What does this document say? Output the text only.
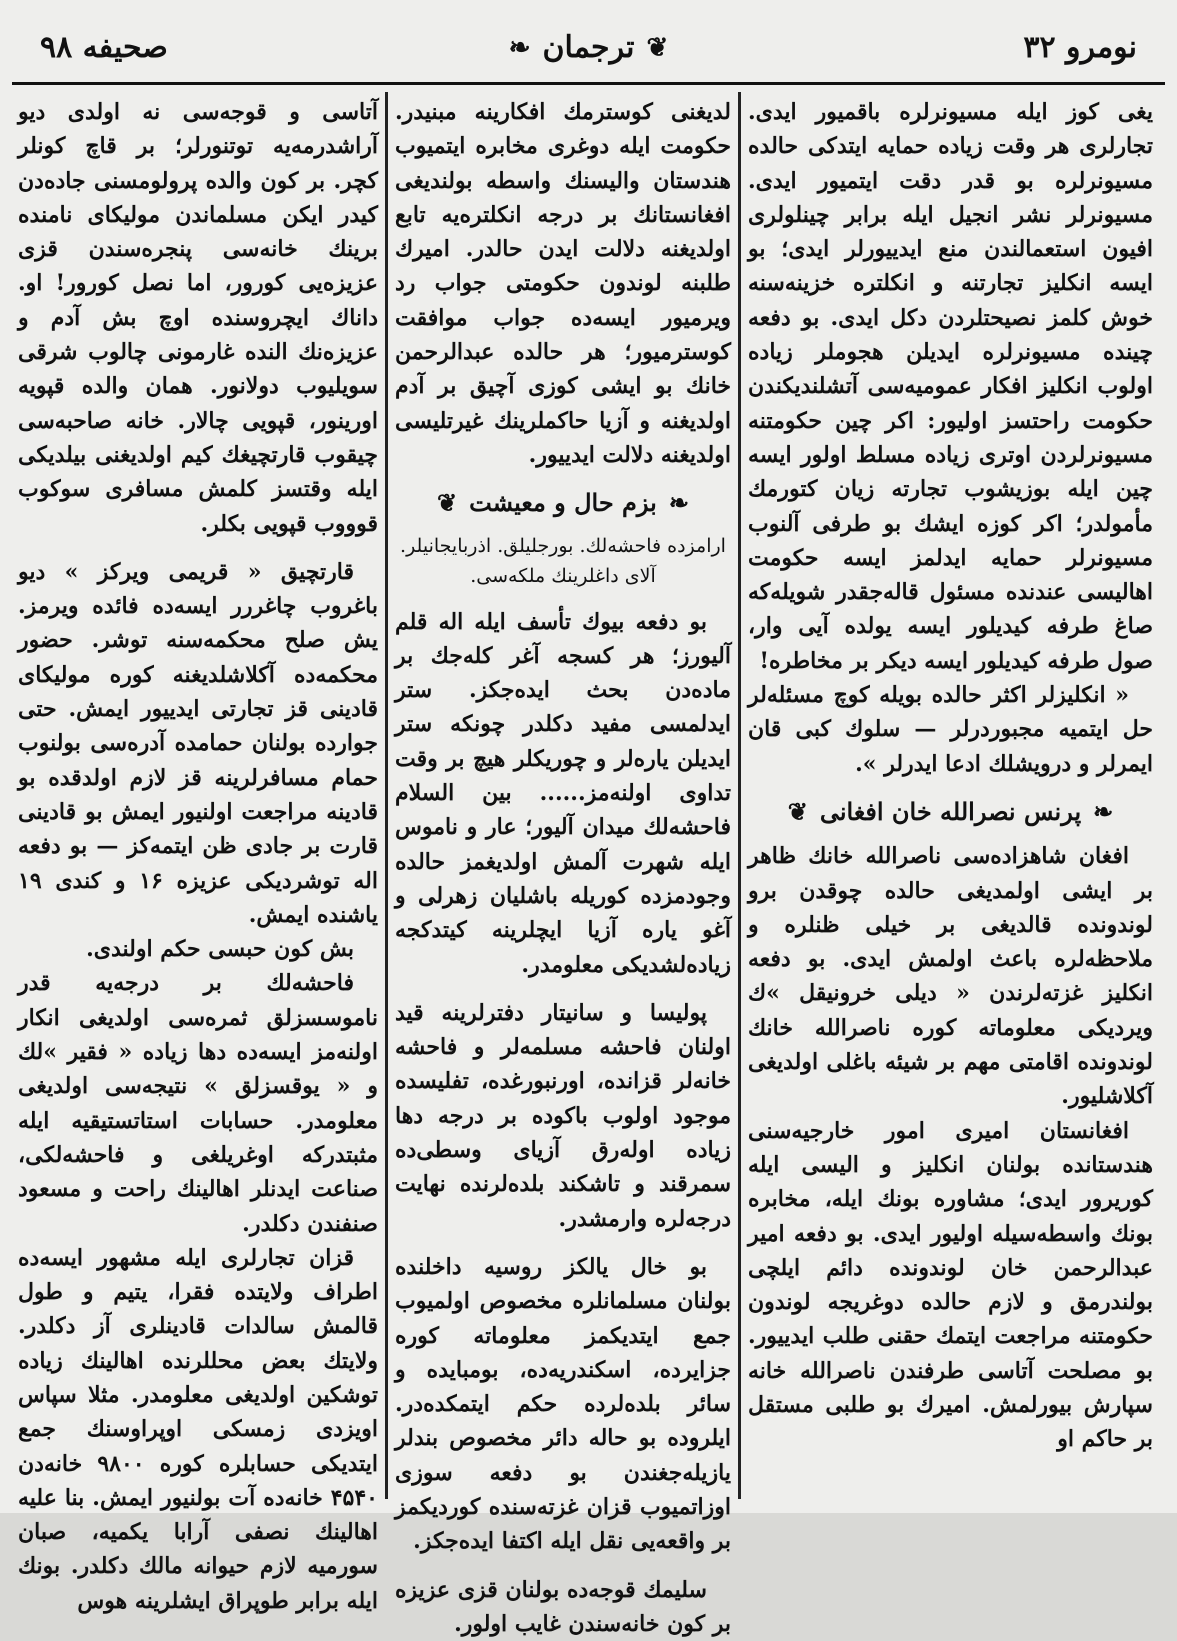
نومرو ۳۲
❦
ترجمان
❧
صحیفه ۹۸

یغی کوز ایله مسیونرلره باقمیور ایدی. تجارلری هر وقت زیاده حمایه ایتدکی حالده مسیونرلره بو قدر دقت ایتمیور ایدی. مسیونرلر نشر انجیل ایله برابر چینلولری افیون استعمالندن منع ایدییورلر ایدی؛ بو ایسه انکلیز تجارتنه و انکلتره خزینه‌سنه خوش کلمز نصیحتلردن دکل ایدی. بو دفعه چینده مسیونرلره ایدیلن هجوملر زیاده اولوب انکلیز افکار عمومیه‌سی آتشلندیکندن حکومت راحتسز اولیور: اکر چین حکومتنه مسیونرلردن اوتری زیاده مسلط اولور ایسه چین ایله بوزیشوب تجارته زیان کتورمك مأمولدر؛ اکر کوزه ایشك بو طرفی آلنوب مسیونرلر حمایه ایدلمز ایسه حکومت اهالیسی عندنده مسئول قاله‌جقدر شویله‌که صاغ طرفه کیدیلور ایسه یولده آیی وار، صول طرفه کیدیلور ایسه دیکر بر مخاطره!

« انکلیزلر اکثر حالده بویله کوچ مسئله‌لر حل ایتمیه مجبوردرلر — سلوك کبی قان ایمرلر و درویشلك ادعا ایدرلر ».

❧
پرنس نصرالله خان افغانی
❦

افغان شاهزاده‌سی ناصرالله خانك ظاهر بر ایشی اولمدیغی حالده چوقدن برو لوندونده قالدیغی بر خیلی ظنلره و ملاحظه‌لره باعث اولمش ایدی. بو دفعه انکلیز غزته‌لرندن « دیلی خرونیقل »ك ویردیکی معلوماته کوره ناصرالله خانك لوندونده اقامتی مهم بر شیئه باغلی اولدیغی آکلاشلیور.

افغانستان امیری امور خارجیه‌سنی هندستانده بولنان انکلیز و الیسی ایله کوریرور ایدی؛ مشاوره بونك ایله، مخابره بونك واسطه‌سیله اولیور ایدی. بو دفعه امیر عبدالرحمن خان لوندونده دائم ایلچی بولندرمق و لازم حالده دوغریجه لوندون حکومتنه مراجعت ایتمك حقنی طلب ایدییور. بو مصلحت آتاسی طرفندن ناصرالله خانه سپارش بیورلمش. امیرك بو طلبی مستقل بر حاکم او‍

لدیغنی کوسترمك افکارینه مبنیدر. حکومت ایله دوغری مخابره ایتمیوب هندستان والیسنك واسطه بولندیغی افغانستانك بر درجه انکلتره‌یه تابع اولدیغنه دلالت ایدن حالدر. امیرك طلبنه لوندون حکومتی جواب رد ویرمیور ایسه‌ده جواب موافقت کوسترمیور؛ هر حالده عبدالرحمن خانك بو ایشی کوزی آچیق بر آدم اولدیغنه و آزیا حاکملرینك غیرتلیسی اولدیغنه دلالت ایدییور.

❧
بزم حال و معیشت
❦
ارامزده فاحشه‌لك. بورجلیلق. اذربایجانیلر.
آلای داغلرینك ملکه‌سی.

بو دفعه بیوك تأسف ایله اله قلم آلیورز؛ هر کسجه آغر کله‌جك بر ماده‌دن بحث ایده‌جکز. ستر ایدلمسی مفید دکلدر چونکه ستر ایدیلن یاره‌لر و چوریکلر هیچ بر وقت تداوی اولنه‌مز...... بین السلام فاحشه‌لك میدان آلیور؛ عار و ناموس ایله شهرت آلمش اولدیغمز حالده وجودمزده کوریله باشلیان زهرلی و آغو یاره آزیا ایچلرینه کیتدکجه زیاده‌لشدیکی معلومدر.

پولیسا و سانیتار دفترلرینه قید اولنان فاحشه مسلمه‌لر و فاحشه خانه‌لر قزانده، اورنبورغده، تفلیسده موجود اولوب باکوده بر درجه دها زیاده اوله‌رق آزیای وسطی‌ده سمرقند و تاشکند بلده‌لرنده نهایت درجه‌لره وارمشدر.

بو خال یالکز روسیه داخلنده بولنان مسلمانلره مخصوص اولمیوب جمع ایتدیکمز معلوماته کوره جزایرده، اسکندریه‌ده، بومبایده و سائر بلده‌لرده حکم ایتمکده‌در. ایلروده بو حاله دائر مخصوص بندلر یازیله‌جغندن بو دفعه سوزی اوزاتمیوب قزان غزته‌سنده کوردیکمز بر واقعه‌یی نقل ایله اکتفا ایده‌جکز.

سلیمك قوجه‌ده بولنان قزی عزیزه بر کون خانه‌سندن غایب اولور.

آتاسی و قوجه‌سی نه اولدی دیو آراشدرمه‌یه توتنورلر؛ بر قاچ کونلر کچر. بر کون والده پرولومسنی جاده‌دن کیدر ایکن مسلماندن مولیکای نامنده برینك خانه‌سی پنجره‌سندن قزی عزیزه‌یی کورور، اما نصل کورور! او. داناك ایچروسنده اوچ بش آدم و عزیزه‌نك النده غارمونی چالوب شرقی سویلیوب دولانور. همان والده قپویه اورینور، قپویی چالار. خانه صاحبه‌سی چیقوب قارتچیغك کیم اولدیغنی بیلدیکی ایله وقتسز کلمش مسافری سوکوب قوووب قپویی بکلر.

قارتچیق « قریمی ویرکز » دیو باغروب چاغررر ایسه‌ده فائده ویرمز. یش صلح محکمه‌سنه توشر. حضور محکمه‌ده آکلاشلدیغنه کوره مولیکای قادینی قز تجارتی ایدییور ایمش. حتی جوارده بولنان حمامده آدره‌سی بولنوب حمام مسافرلرینه قز لازم اولدقده بو قادینه مراجعت اولنیور ایمش بو قادینی قارت بر جادی ظن ایتمه‌کز — بو دفعه اله توشردیکی عزیزه ۱۶ و کندی ۱۹ یاشنده ایمش.

بش کون حبسی حکم اولندی.

فاحشه‌لك بر درجه‌یه قدر ناموسسزلق ثمره‌سی اولدیغی انکار اولنه‌مز ایسه‌ده دها زیاده « فقیر »لك و « یوقسزلق » نتیجه‌سی اولدیغی معلومدر. حسابات استاتستیقیه ایله مثبتدرکه اوغریلغی و فاحشه‌لکی، صناعت ایدنلر اهالینك راحت و مسعود صنفندن دکلدر.

قزان تجارلری ایله مشهور ایسه‌ده اطراف ولایتده فقرا، یتیم و طول قالمش سالدات قادینلری آز دکلدر. ولایتك بعض محللرنده اهالینك زیاده توشکین اولدیغی معلومدر. مثلا سپاس اویزدی زمسکی اوپراوسنك جمع ایتدیکی حسابلره کوره ۹۸۰۰ خانه‌دن ۴۵۴۰ خانه‌ده آت بولنیور ایمش. بنا علیه اهالینك نصفی آرابا یکمیه، صبان سورمیه لازم حیوانه مالك دکلدر. بونك ایله برابر طوپراق ایشلرینه هوس
